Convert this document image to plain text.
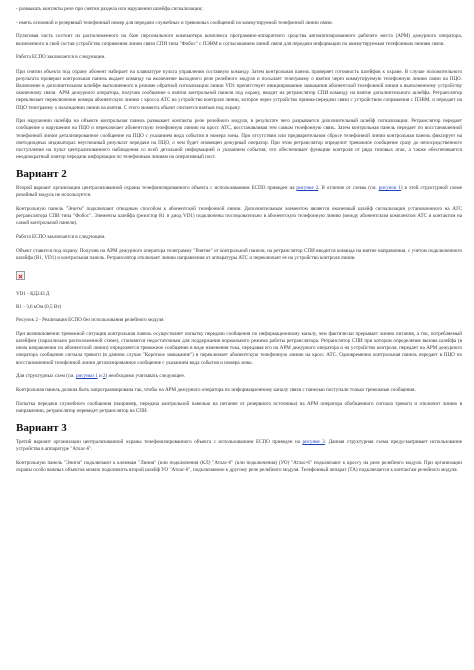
- размыкать контакты реле при снятии раздела или нарушении шлейфа сигнализации;

- иметь основной и резервный телефонный номер для передачи служебных и тревожных сообщений по коммутируемой телефонной линии связи.

Пультовая часть состоит из расположенного на базе персонального компьютера комплекса программно-аппаратного средства автоматизированного рабочего места (АРМ) дежурного оператора, включенного в свой состав устройство сопряжения линии связи СПИ типа "Фобос" с ПЭВМ и согласованием линий связи для передачи информации по коммутируемым телефонным линиям связи.

Работа ЕСПО заключается в следующем.

При снятии объекта под охрану абонент набирает на клавиатуре пульта управления составную команду. Затем контрольная панель проверяет готовность шлейфов к охране. В случае положительного результата проверки контрольная панель выдает команду на включение выходного реле релейного модуля и посылает телеграмму о взятии через коммутируемую телефонную линию связи на ПЦО. Включение в дополнительном шлейфе выполненного в режиме обратной сигнализации линии VD1 препятствует инициированию замыкания абонентской телефонной линии к выполненному устройству оконечному связи. АРМ дежурного оператора, получив сообщение о взятии контрольной панели под охрану, вводит на ретранслятор СПИ команду на взятие дополнительного шлейфа. Ретранслятор переключает переключение номера абонентскую линию с кросса АТС на устройство контроля линии, которое через устройство приема-передачи связи с устройством сопряжения с ПЭВМ, и передает на ПЦО телеграмму о нахождении линии на взятия. С этого момента объект считается взятым под охрану.

При нарушении шлейфа на объекте контрольная панель размыкает контакты реле релейного модуля, в результате чего разрывается дополнительный шлейф сигнализации. Ретранслятор передает сообщение о нарушении на ПЦО и переключает абонентскую телефонную линию на кросс АТС, восстанавливая тем самым телефонную связь. Затем контрольная панель передает по восстановленной телефонной линии детализированное сообщение на ПЦО с указанием вида события и номера зоны. При отсутствии или предварительном сбросе телефонной линии контрольная панель фиксирует на светодиодных индикаторах неуспешный результат передачи на ПЦО, о чем будет оповещен дежурный оператор. При этом ретранслятор определит тревожное сообщение сразу до непосредственного поступления на пульт централизованного наблюдения со всей детальной информацией и указанием события, что обеспечивает функцию контроля от ряда типовых атак, а также обеспечивается неоднократный повтор передачи информации по телефонным линиям на оперативный пост.

Вариант 2

Второй вариант организации централизованной охраны телефонизированного объекта с использованием ЕСПО приведен на рисунке 2. В отличие от схемы (см. рисунок 1) в этой структурной схеме релейный модуль не используется.

Контрольную панель "Энигм" подключают отводным способом к абонентской телефонной линии. Дополнительным элементом является оконечный шлейф сигнализации установленного на АТС ретранслятора СПИ типа "Фобос". Элементы шлейфа (резистор R1 и диод VD1) подключены последовательно в абонентскую телефонную линию (между абонентским комплектом АТС и контактом на самой контрольной панели).

Работа ЕСПО заключается в следующем.

Объект ставится под охрану. Получив на АРМ дежурного оператора телеграмму "Взятие" от контрольной панели, на ретранслятор СПИ вводится команда на взятие направления, с учетом подключенного шлейфа (R1, VD1) и контрольная панель. Ретранслятор отключает линию направления от аппаратуры АТС и переключает ее на устройство контроля линии.

VD1 - КД243 Д
R1 - 3,6 кОм (0,5 Вт)
Рисунок 2 - Реализация ЕСПО без использования релейного модуля

При возникновении тревожной ситуации контрольная панель осуществляет попытку передачи сообщения по информационному каналу, чем фактически прерывает линию питания, а ток, потребляемый шлейфом (параллельно расположенной схеме), становится недостаточным для поддержания нормального режима работы ретранслятора. Ретранслятор СПИ при котором определение вызова шлейфа (в ином направлении по абонентской линии) определяется тревожное сообщение в виде изменения тока, передавая его на АРМ дежурного оператора и на устройство контроля, передает на АРМ дежурного оператора сообщение сигнала тревоги (в данном случае "Короткое замыкание") и переключает абонентскую телефонную линию на кросс АТС. Одновременно контрольная панель передает в ПЦО по восстановленной телефонной линии детализированное сообщение с указанием вида события и номера зоны.

Для структурных схем (см. рисунки 1 и 2) необходимо учитывать следующее.

Контрольная панель должна быть запрограммирована так, чтобы на АРМ дежурного оператора по информационному каналу связи с панелью поступали только тревожные сообщения.

Попытка передачи служебного сообщения (например, передача контрольной панелью на питание от резервного источника) на АРМ оператора обобщенного сигнала тревоги и отключит линию в направлении, ретранслятор переведет ретранслятор на СПИ.

Вариант 3

Третий вариант организации централизованной охраны телефонизированного объекта с использованием ЕСПО приведен на рисунке 3. Данная структурная схема предусматривает использование устройства в аппаратуре "Атлас-6".

Контрольную панель "Энигм" подключают к клеммам "Линия" (или подключения (КЛ) "Атлас-6" (или подключения) (УО) "Атлас-6" подключают к кроссу на реле релейного модуля. При организации охраны особо важных объектов можно подключить второй шлейф УО "Атлас-6", подключаемое к другому реле релейного модуля. Телефонный аппарат (ТА) подключается к контактам релейного модуля.
